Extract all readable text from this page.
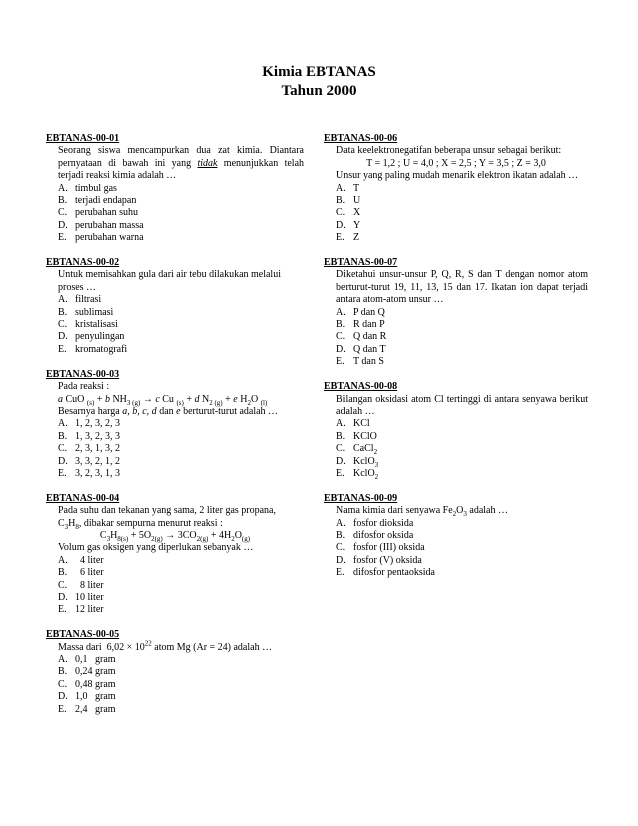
Kimia EBTANAS
Tahun 2000
EBTANAS-00-01
Seorang siswa mencampurkan dua zat kimia. Diantara pernyataan di bawah ini yang tidak menunjukkan telah terjadi reaksi kimia adalah …
A. timbul gas
B. terjadi endapan
C. perubahan suhu
D. perubahan massa
E. perubahan warna
EBTANAS-00-02
Untuk memisahkan gula dari air tebu dilakukan melalui proses …
A. filtrasi
B. sublimasi
C. kristalisasi
D. penyulingan
E. kromatografi
EBTANAS-00-03
Pada reaksi :
a CuO $_{(s)}$ + b $NH_3$ $_{(g)}$ → c Cu $_{(s)}$ + d $N_2$ $_{(g)}$ + e $H_2O$ $_{(l)}$
Besarnya harga a, b, c, d dan e berturut-turut adalah …
A. 1, 2, 3, 2, 3
B. 1, 3, 2, 3, 3
C. 2, 3, 1, 3, 2
D. 3, 3, 2, 1, 2
E. 3, 2, 3, 1, 3
EBTANAS-00-04
Pada suhu dan tekanan yang sama, 2 liter gas propana,
$C_3H_8$, dibakar sempurna menurut reaksi :
$C_3H_{8(s)} + 5O_{2(g)} \to 3CO_{2(g)} + 4H_2O_{(g)}$
Volum gas oksigen yang diperlukan sebanyak …
A.  4 liter
B.  6 liter
C.  8 liter
D. 10 liter
E. 12 liter
EBTANAS-00-05
Massa dari  $6,02 \times 10^{22}$ atom Mg (Ar = 24) adalah …
A. 0,1   gram
B. 0,24 gram
C. 0,48 gram
D. 1,0   gram
E. 2,4   gram
EBTANAS-00-06
Data keelektronegatifan beberapa unsur sebagai berikut:
T = 1,2 ; U = 4,0 ; X = 2,5 ; Y = 3,5 ; Z = 3,0
Unsur yang paling mudah menarik elektron ikatan adalah …
A. T
B. U
C. X
D. Y
E. Z
EBTANAS-00-07
Diketahui unsur-unsur P, Q, R, S dan T dengan nomor atom berturut-turut 19, 11, 13, 15 dan 17. Ikatan ion dapat terjadi antara atom-atom unsur …
A. P dan Q
B. R dan P
C. Q dan R
D. Q dan T
E. T dan S
EBTANAS-00-08
Bilangan oksidasi atom Cl tertinggi di antara senyawa berikut adalah …
A. KCl
B. KClO
C. CaCl$_2$
D. KclO$_3$
E. KclO$_2$
EBTANAS-00-09
Nama kimia dari senyawa $Fe_2O_3$ adalah …
A. fosfor dioksida
B. difosfor oksida
C. fosfor (III) oksida
D. fosfor (V) oksida
E. difosfor pentaoksida
